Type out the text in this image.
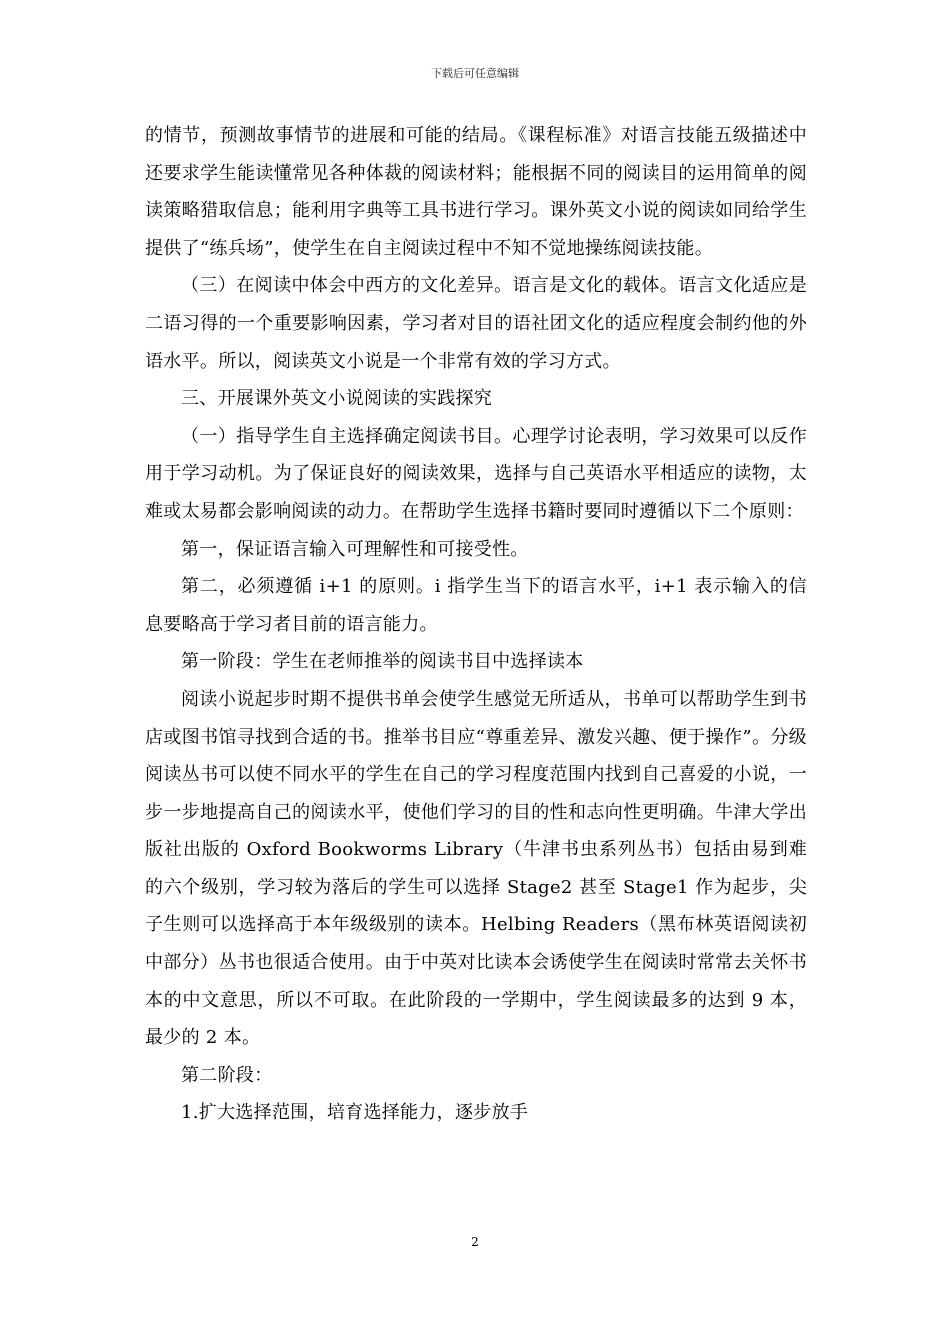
下载后可任意编辑

的情节，预测故事情节的进展和可能的结局。《课程标准》对语言技能五级描述中还要求学生能读懂常见各种体裁的阅读材料；能根据不同的阅读目的运用简单的阅读策略猎取信息；能利用字典等工具书进行学习。课外英文小说的阅读如同给学生提供了“练兵场”，使学生在自主阅读过程中不知不觉地操练阅读技能。

（三）在阅读中体会中西方的文化差异。语言是文化的载体。语言文化适应是二语习得的一个重要影响因素，学习者对目的语社团文化的适应程度会制约他的外语水平。所以，阅读英文小说是一个非常有效的学习方式。

三、开展课外英文小说阅读的实践探究

（一）指导学生自主选择确定阅读书目。心理学讨论表明，学习效果可以反作用于学习动机。为了保证良好的阅读效果，选择与自己英语水平相适应的读物，太难或太易都会影响阅读的动力。在帮助学生选择书籍时要同时遵循以下二个原则：

第一，保证语言输入可理解性和可接受性。

第二，必须遵循 i+1 的原则。i 指学生当下的语言水平，i+1 表示输入的信息要略高于学习者目前的语言能力。

第一阶段：学生在老师推举的阅读书目中选择读本

阅读小说起步时期不提供书单会使学生感觉无所适从，书单可以帮助学生到书店或图书馆寻找到合适的书。推举书目应“尊重差异、激发兴趣、便于操作”。分级阅读丛书可以使不同水平的学生在自己的学习程度范围内找到自己喜爱的小说，一步一步地提高自己的阅读水平，使他们学习的目的性和志向性更明确。牛津大学出版社出版的 Oxford Bookworms Library（牛津书虫系列丛书）包括由易到难的六个级别，学习较为落后的学生可以选择 Stage2 甚至 Stage1 作为起步，尖子生则可以选择高于本年级级别的读本。Helbing Readers（黑布林英语阅读初中部分）丛书也很适合使用。由于中英对比读本会诱使学生在阅读时常常去关怀书本的中文意思，所以不可取。在此阶段的一学期中，学生阅读最多的达到 9 本，最少的 2 本。

第二阶段：

1.扩大选择范围，培育选择能力，逐步放手

2
